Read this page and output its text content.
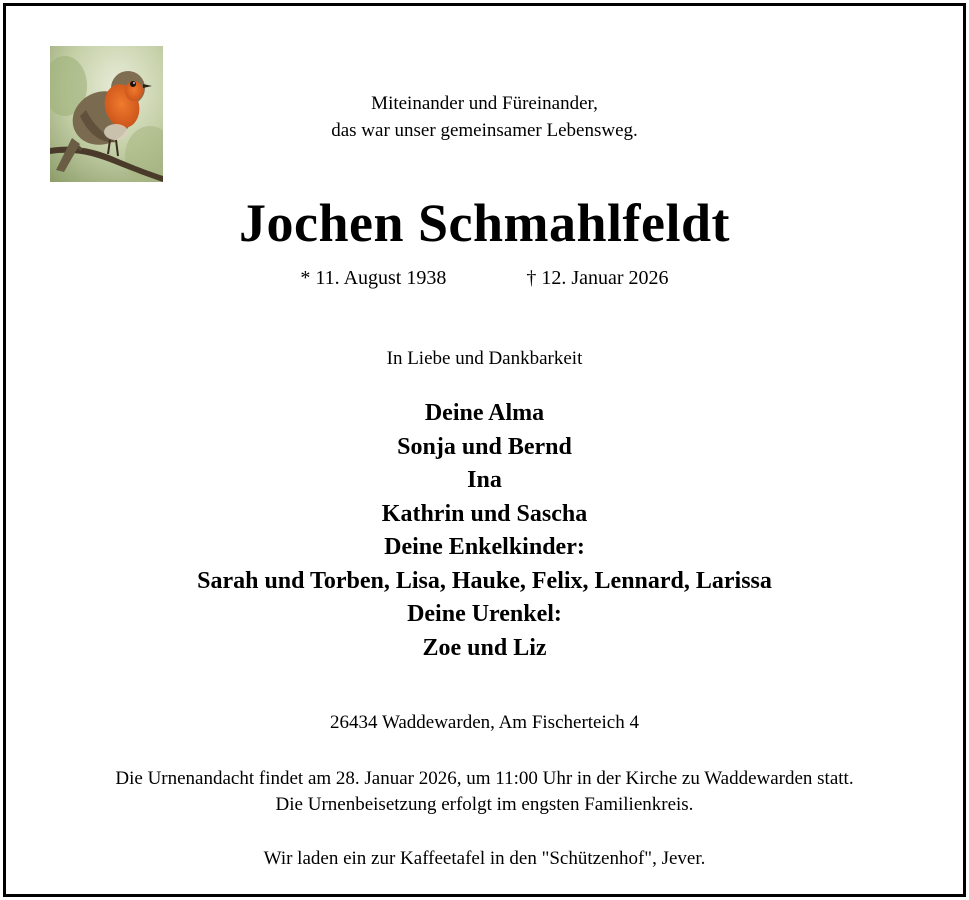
Miteinander und Füreinander,
das war unser gemeinsamer Lebensweg.
Jochen Schmahlfeldt
* 11. August 1938	† 12. Januar 2026
In Liebe und Dankbarkeit
Deine Alma
Sonja und Bernd
Ina
Kathrin und Sascha
Deine Enkelkinder:
Sarah und Torben, Lisa, Hauke, Felix, Lennard, Larissa
Deine Urenkel:
Zoe und Liz
26434 Waddewarden, Am Fischerteich 4
Die Urnenandacht findet am 28. Januar 2026, um 11:00 Uhr in der Kirche zu Waddewarden statt.
Die Urnenbeisetzung erfolgt im engsten Familienkreis.
Wir laden ein zur Kaffeetafel in den "Schützenhof", Jever.
